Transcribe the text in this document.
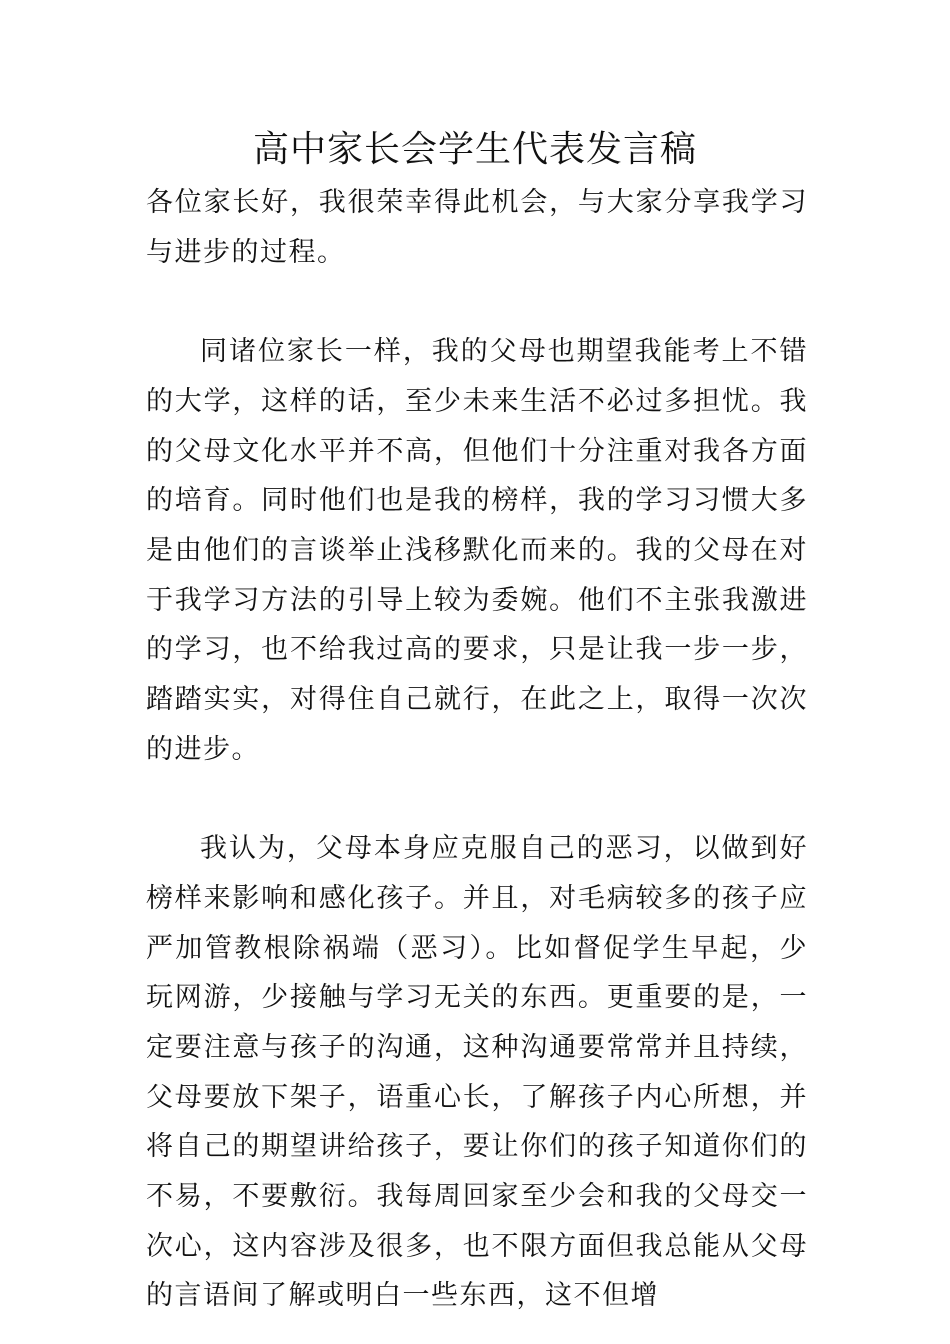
高中家长会学生代表发言稿

各位家长好，我很荣幸得此机会，与大家分享我学习与进步的过程。

同诸位家长一样，我的父母也期望我能考上不错的大学，这样的话，至少未来生活不必过多担忧。我的父母文化水平并不高，但他们十分注重对我各方面的培育。同时他们也是我的榜样，我的学习习惯大多是由他们的言谈举止浅移默化而来的。我的父母在对于我学习方法的引导上较为委婉。他们不主张我激进的学习，也不给我过高的要求，只是让我一步一步，踏踏实实，对得住自己就行，在此之上，取得一次次的进步。

我认为，父母本身应克服自己的恶习，以做到好榜样来影响和感化孩子。并且，对毛病较多的孩子应严加管教根除祸端（恶习）。比如督促学生早起，少玩网游，少接触与学习无关的东西。更重要的是，一定要注意与孩子的沟通，这种沟通要常常并且持续，父母要放下架子，语重心长，了解孩子内心所想，并将自己的期望讲给孩子，要让你们的孩子知道你们的不易，不要敷衍。我每周回家至少会和我的父母交一次心，这内容涉及很多，也不限方面但我总能从父母的言语间了解或明白一些东西，这不但增
